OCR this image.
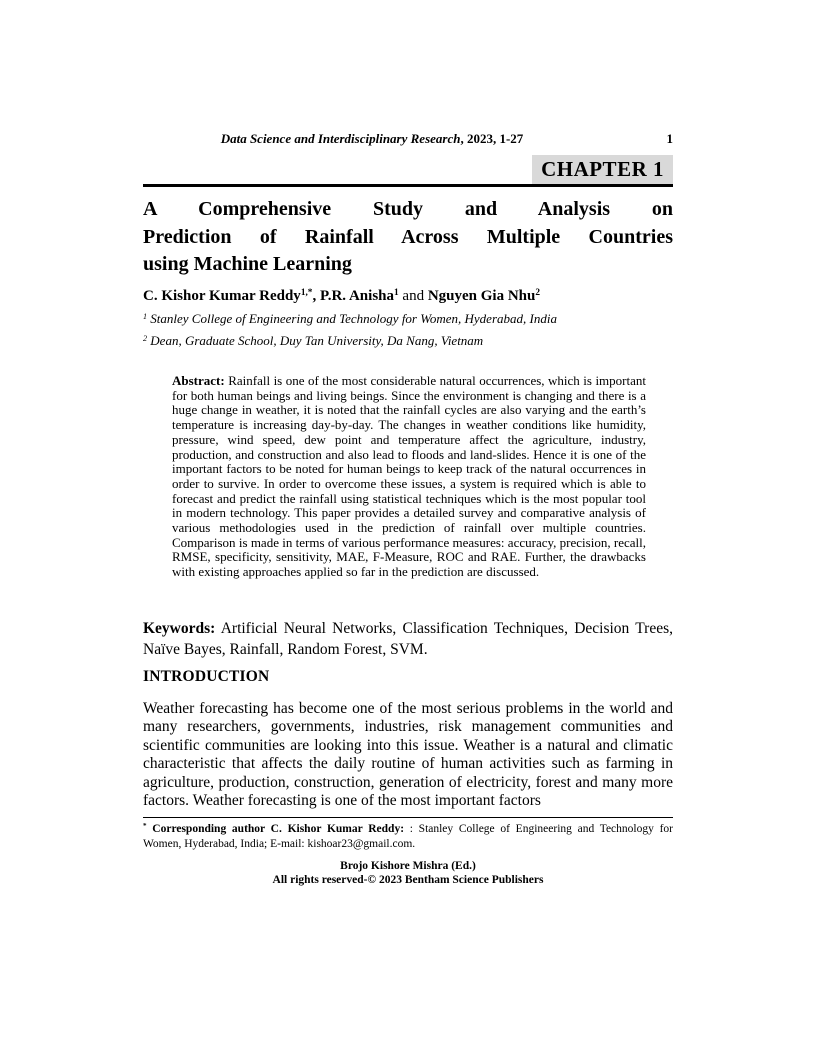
Data Science and Interdisciplinary Research, 2023, 1-27	1
CHAPTER 1
A Comprehensive Study and Analysis on
Prediction of Rainfall Across Multiple Countries
using Machine Learning
C. Kishor Kumar Reddy$^{1,*}$, P.R. Anisha$^1$ and Nguyen Gia Nhu$^2$
$^1$ Stanley College of Engineering and Technology for Women, Hyderabad, India
$^2$ Dean, Graduate School, Duy Tan University, Da Nang, Vietnam
Abstract: Rainfall is one of the most considerable natural occurrences, which is important for both human beings and living beings. Since the environment is changing and there is a huge change in weather, it is noted that the rainfall cycles are also varying and the earth’s temperature is increasing day-by-day. The changes in weather conditions like humidity, pressure, wind speed, dew point and temperature affect the agriculture, industry, production, and construction and also lead to floods and land-slides. Hence it is one of the important factors to be noted for human beings to keep track of the natural occurrences in order to survive. In order to overcome these issues, a system is required which is able to forecast and predict the rainfall using statistical techniques which is the most popular tool in modern technology. This paper provides a detailed survey and comparative analysis of various methodologies used in the prediction of rainfall over multiple countries. Comparison is made in terms of various performance measures: accuracy, precision, recall, RMSE, specificity, sensitivity, MAE, F-Measure, ROC and RAE. Further, the drawbacks with existing approaches applied so far in the prediction are discussed.
Keywords: Artificial Neural Networks, Classification Techniques, Decision Trees, Naïve Bayes, Rainfall, Random Forest, SVM.
INTRODUCTION
Weather forecasting has become one of the most serious problems in the world and many researchers, governments, industries, risk management communities and scientific communities are looking into this issue. Weather is a natural and climatic characteristic that affects the daily routine of human activities such as farming in agriculture, production, construction, generation of electricity, forest and many more factors. Weather forecasting is one of the most important factors
* Corresponding author C. Kishor Kumar Reddy: : Stanley College of Engineering and Technology for Women, Hyderabad, India; E-mail: kishoar23@gmail.com.
Brojo Kishore Mishra (Ed.)
All rights reserved-© 2023 Bentham Science Publishers
